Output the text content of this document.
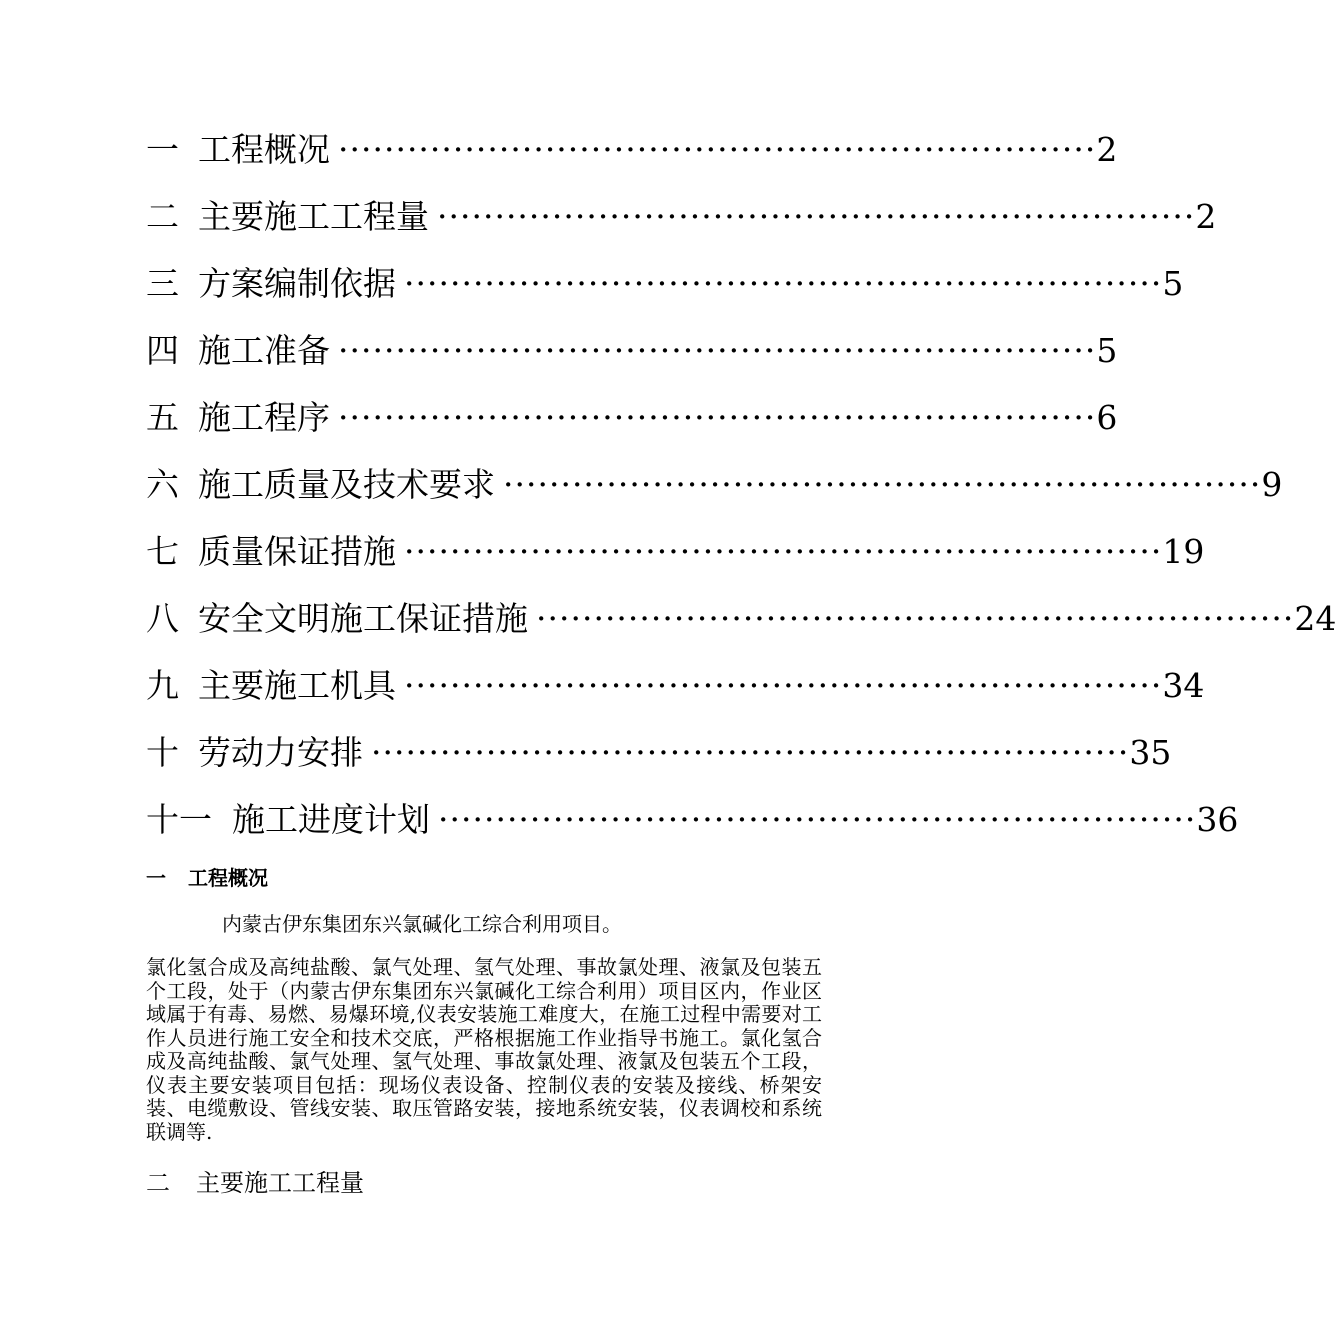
一 工程概况 ·································································· 2
二 主要施工工程量 ·································································· 2
三 方案编制依据 ·································································· 5
四 施工准备 ·································································· 5
五 施工程序 ·································································· 6
六 施工质量及技术要求 ·································································· 9
七 质量保证措施 ·································································· 19
八 安全文明施工保证措施 ·································································· 24
九 主要施工机具 ·································································· 34
十 劳动力安排 ·································································· 35
十一 施工进度计划 ·································································· 36
一 工程概况
内蒙古伊东集团东兴氯碱化工综合利用项目。
氯化氢合成及高纯盐酸、氯气处理、氢气处理、事故氯处理、液氯及包装五个工段，处于（内蒙古伊东集团东兴氯碱化工综合利用）项目区内，作业区域属于有毒、易燃、易爆环境,仪表安装施工难度大，在施工过程中需要对工作人员进行施工安全和技术交底，严格根据施工作业指导书施工。氯化氢合成及高纯盐酸、氯气处理、氢气处理、事故氯处理、液氯及包装五个工段，仪表主要安装项目包括：现场仪表设备、控制仪表的安装及接线、桥架安装、电缆敷设、管线安装、取压管路安装，接地系统安装，仪表调校和系统联调等.
二 主要施工工程量
